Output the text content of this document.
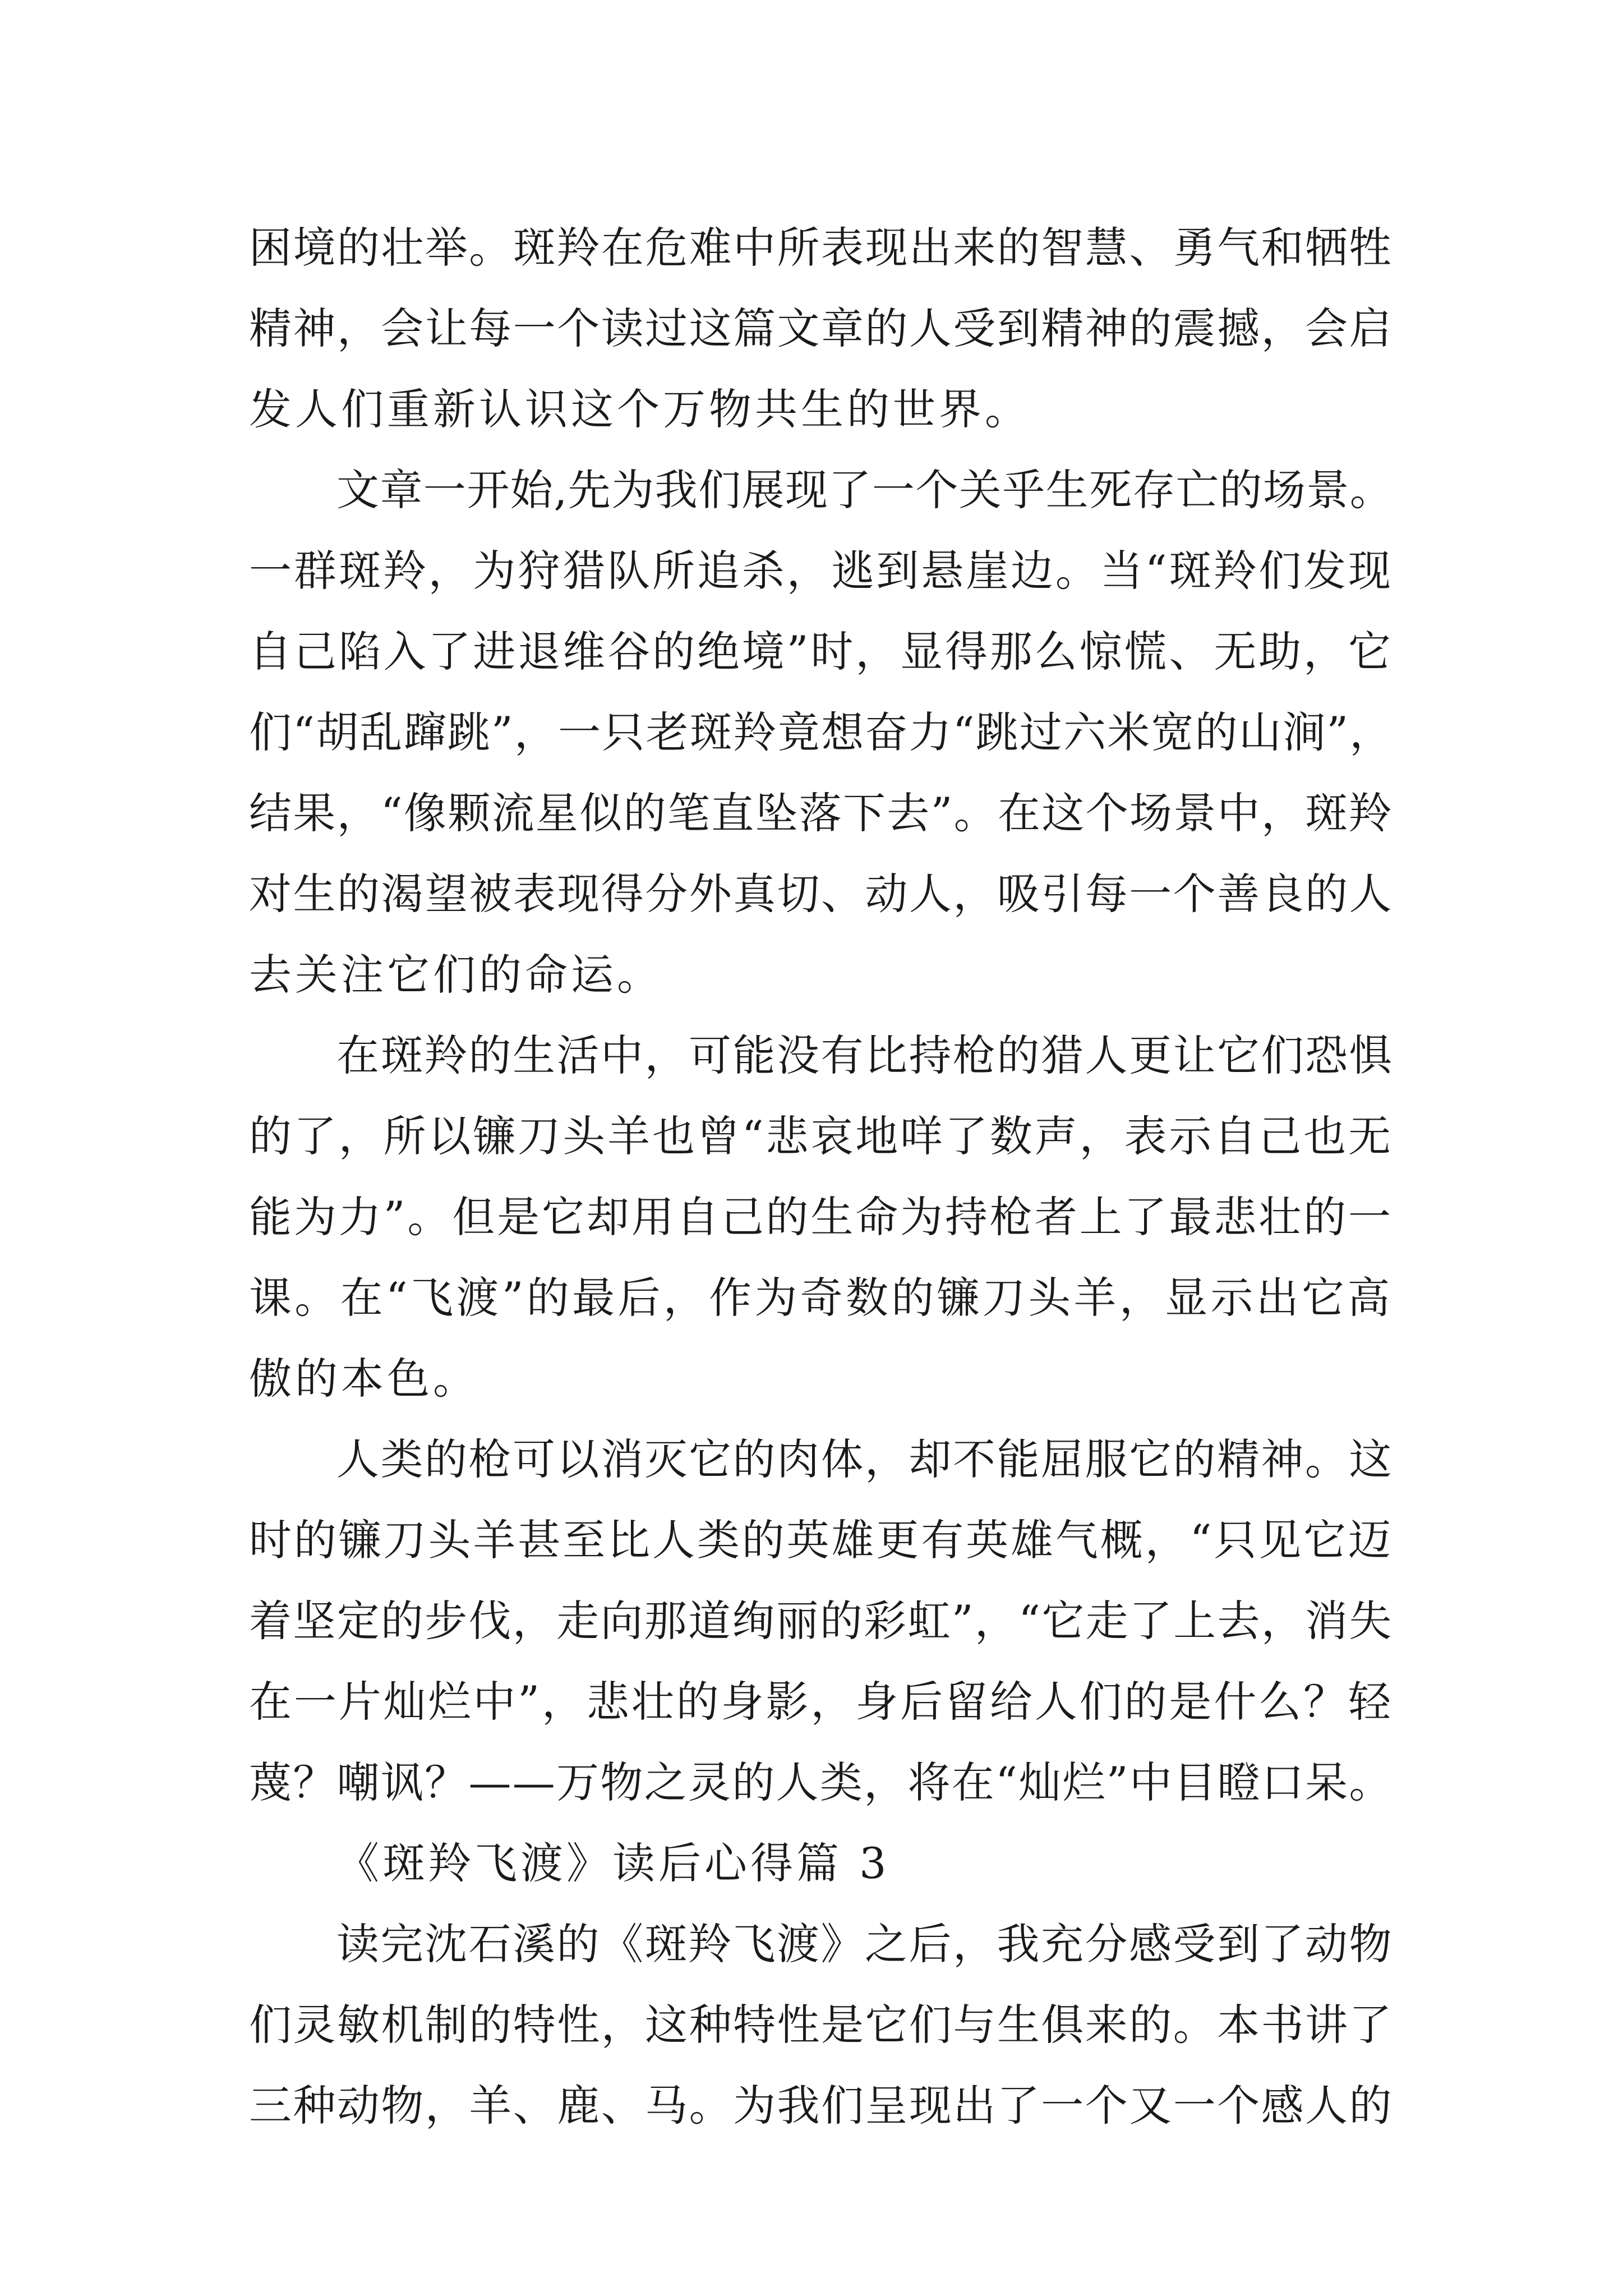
困境的壮举。斑羚在危难中所表现出来的智慧、勇气和牺牲
精神，会让每一个读过这篇文章的人受到精神的震撼，会启
发人们重新认识这个万物共生的世界。
文章一开始,先为我们展现了一个关乎生死存亡的场景。
一群斑羚，为狩猎队所追杀，逃到悬崖边。当“斑羚们发现
自己陷入了进退维谷的绝境”时，显得那么惊慌、无助，它
们“胡乱蹿跳”，一只老斑羚竟想奋力“跳过六米宽的山涧”，
结果，“像颗流星似的笔直坠落下去”。在这个场景中，斑羚
对生的渴望被表现得分外真切、动人，吸引每一个善良的人
去关注它们的命运。
在斑羚的生活中，可能没有比持枪的猎人更让它们恐惧
的了，所以镰刀头羊也曾“悲哀地咩了数声，表示自己也无
能为力”。但是它却用自己的生命为持枪者上了最悲壮的一
课。在“飞渡”的最后，作为奇数的镰刀头羊，显示出它高
傲的本色。
人类的枪可以消灭它的肉体，却不能屈服它的精神。这
时的镰刀头羊甚至比人类的英雄更有英雄气概，“只见它迈
着坚定的步伐，走向那道绚丽的彩虹”，“它走了上去，消失
在一片灿烂中”，悲壮的身影，身后留给人们的是什么？轻
蔑？嘲讽？——万物之灵的人类，将在“灿烂”中目瞪口呆。
《斑羚飞渡》读后心得篇 3
读完沈石溪的《斑羚飞渡》之后，我充分感受到了动物
们灵敏机制的特性，这种特性是它们与生俱来的。本书讲了
三种动物，羊、鹿、马。为我们呈现出了一个又一个感人的
